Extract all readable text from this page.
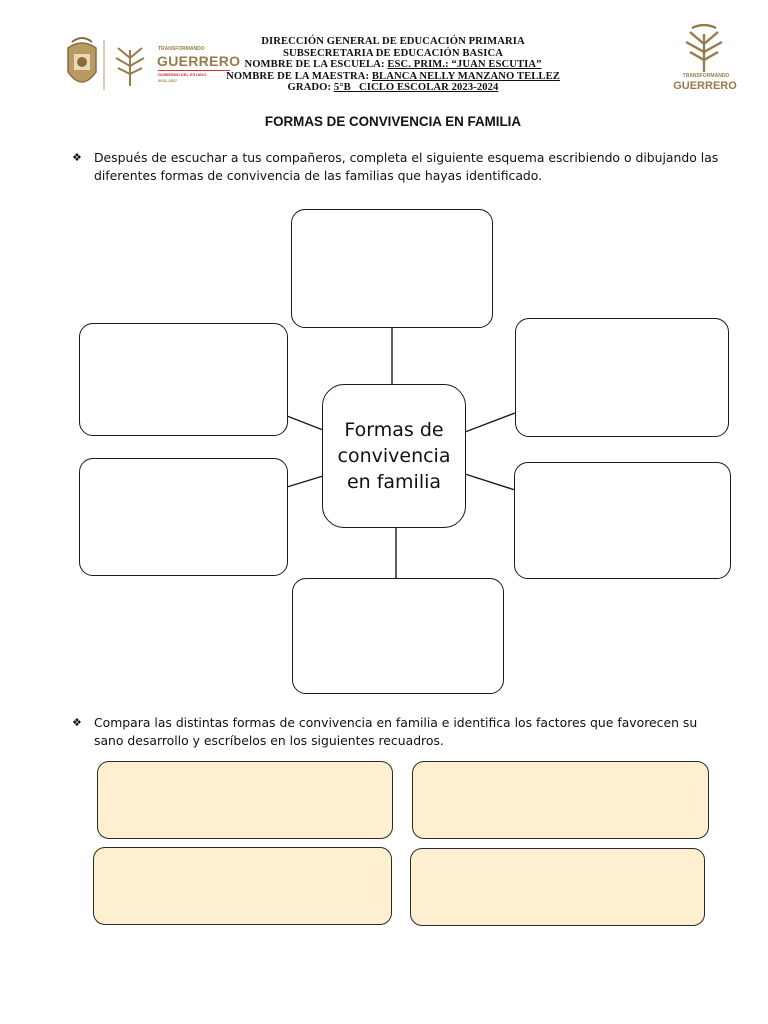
TRANSFORMANDO
GUERRERO
GOBIERNO DEL ESTADO
2021-2027
TRANSFORMANDO
GUERRERO
DIRECCIÓN GENERAL DE EDUCACIÓN PRIMARIA
SUBSECRETARIA DE EDUCACIÓN BASICA
NOMBRE DE LA ESCUELA: ESC. PRIM.: “JUAN ESCUTIA”
NOMBRE DE LA MAESTRA: BLANCA NELLY MANZANO TELLEZ
GRADO: 5°B   CICLO ESCOLAR 2023-2024
FORMAS DE CONVIVENCIA EN FAMILIA
❖ Después de escuchar a tus compañeros, completa el siguiente esquema escribiendo o dibujando las diferentes formas de convivencia de las familias que hayas identificado.
Formas de
convivencia
en familia
❖ Compara las distintas formas de convivencia en familia e identifica los factores que favorecen su sano desarrollo y escríbelos en los siguientes recuadros.
